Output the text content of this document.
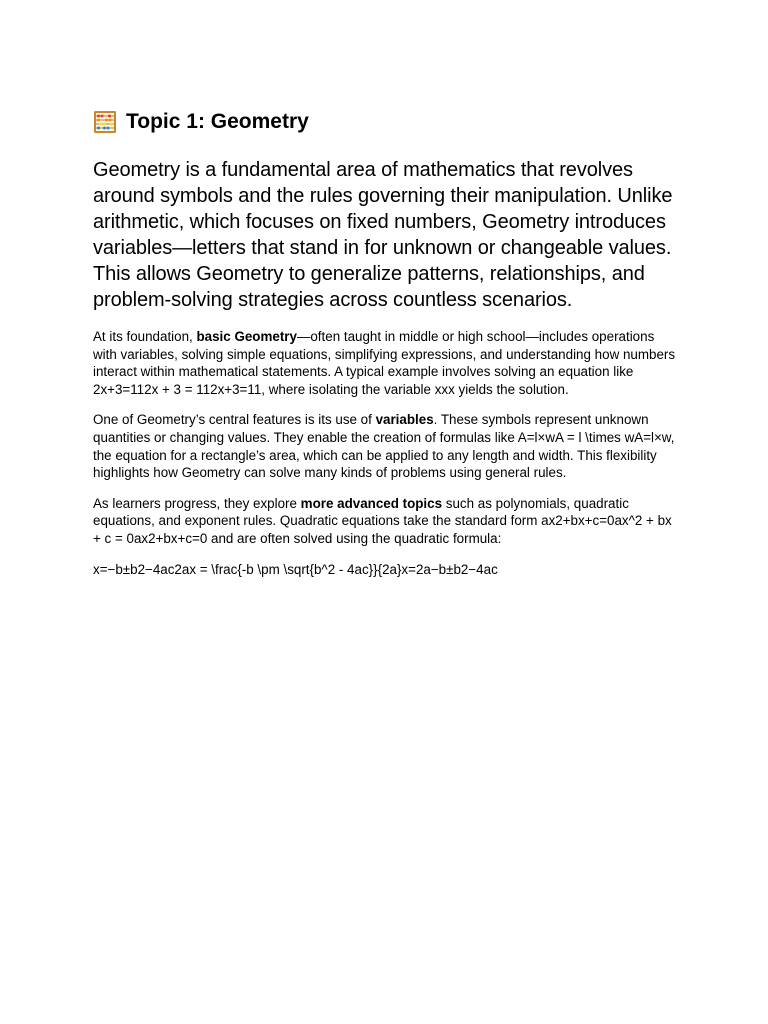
Topic 1: Geometry

Geometry is a fundamental area of mathematics that revolves around symbols and the rules governing their manipulation. Unlike arithmetic, which focuses on fixed numbers, Geometry introduces variables—letters that stand in for unknown or changeable values. This allows Geometry to generalize patterns, relationships, and problem-solving strategies across countless scenarios.

At its foundation, basic Geometry—often taught in middle or high school—includes operations with variables, solving simple equations, simplifying expressions, and understanding how numbers interact within mathematical statements. A typical example involves solving an equation like 2x+3=112x + 3 = 112x+3=11, where isolating the variable xxx yields the solution.

One of Geometry’s central features is its use of variables. These symbols represent unknown quantities or changing values. They enable the creation of formulas like A=l×wA = l \times wA=l×w, the equation for a rectangle’s area, which can be applied to any length and width. This flexibility highlights how Geometry can solve many kinds of problems using general rules.

As learners progress, they explore more advanced topics such as polynomials, quadratic equations, and exponent rules. Quadratic equations take the standard form ax2+bx+c=0ax^2 + bx + c = 0ax2+bx+c=0 and are often solved using the quadratic formula:

x=−b±b2−4ac2ax = \frac{-b \pm \sqrt{b^2 - 4ac}}{2a}x=2a−b±b2−4ac
